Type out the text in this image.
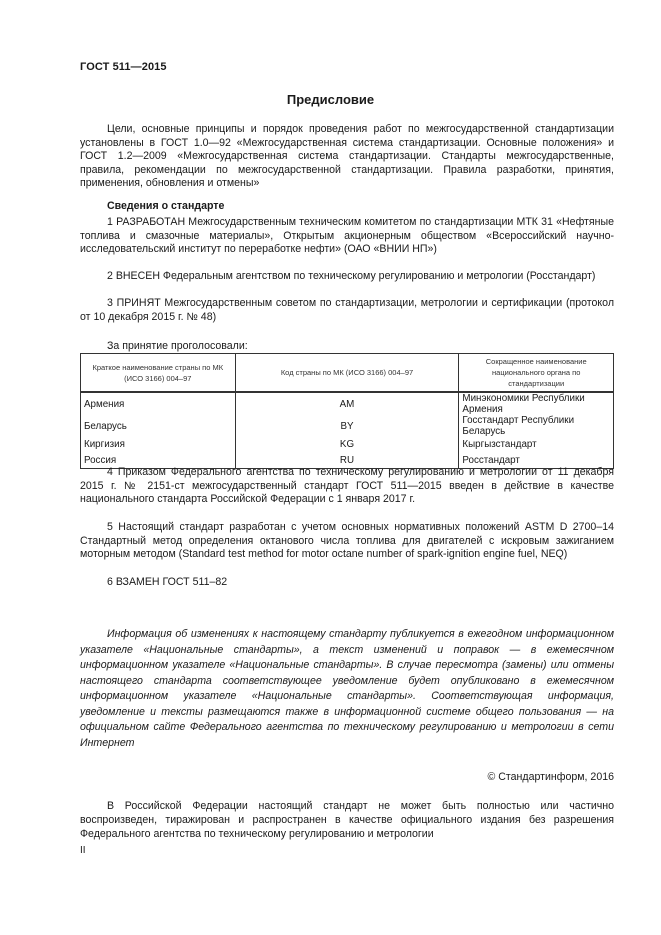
ГОСТ 511—2015
Предисловие
Цели, основные принципы и порядок проведения работ по межгосударственной стандартизации установлены в ГОСТ 1.0—92 «Межгосударственная система стандартизации. Основные положения» и ГОСТ 1.2—2009 «Межгосударственная система стандартизации. Стандарты межгосударственные, правила, рекомендации по межгосударственной стандартизации. Правила разработки, принятия, применения, обновления и отмены»
Сведения о стандарте
1 РАЗРАБОТАН Межгосударственным техническим комитетом по стандартизации МТК 31 «Нефтяные топлива и смазочные материалы», Открытым акционерным обществом «Всероссийский научно-исследовательский институт по переработке нефти» (ОАО «ВНИИ НП»)
2 ВНЕСЕН Федеральным агентством по техническому регулированию и метрологии (Росстандарт)
3 ПРИНЯТ Межгосударственным советом по стандартизации, метрологии и сертификации (протокол от 10 декабря 2015 г. № 48)
За принятие проголосовали:
Краткое наименование страны по МК (ИСО 3166) 004–97	Код страны по МК (ИСО 3166) 004–97	Сокращенное наименование национального органа по стандартизации
Армения	AM	Минэкономики Республики Армения
Беларусь	BY	Госстандарт Республики Беларусь
Киргизия	KG	Кыргызстандарт
Россия	RU	Росстандарт
4 Приказом Федерального агентства по техническому регулированию и метрологии от 11 декабря 2015 г. № 2151-ст межгосударственный стандарт ГОСТ 511—2015 введен в действие в качестве национального стандарта Российской Федерации с 1 января 2017 г.
5 Настоящий стандарт разработан с учетом основных нормативных положений ASTM D 2700–14 Стандартный метод определения октанового числа топлива для двигателей с искровым зажиганием моторным методом (Standard test method for motor octane number of spark-ignition engine fuel, NEQ)
6 ВЗАМЕН ГОСТ 511–82
Информация об изменениях к настоящему стандарту публикуется в ежегодном информационном указателе «Национальные стандарты», а текст изменений и поправок — в ежемесячном информационном указателе «Национальные стандарты». В случае пересмотра (замены) или отмены настоящего стандарта соответствующее уведомление будет опубликовано в ежемесячном информационном указателе «Национальные стандарты». Соответствующая информация, уведомление и тексты размещаются также в информационной системе общего пользования — на официальном сайте Федерального агентства по техническому регулированию и метрологии в сети Интернет
© Стандартинформ, 2016
В Российской Федерации настоящий стандарт не может быть полностью или частично воспроизведен, тиражирован и распространен в качестве официального издания без разрешения Федерального агентства по техническому регулированию и метрологии
II
